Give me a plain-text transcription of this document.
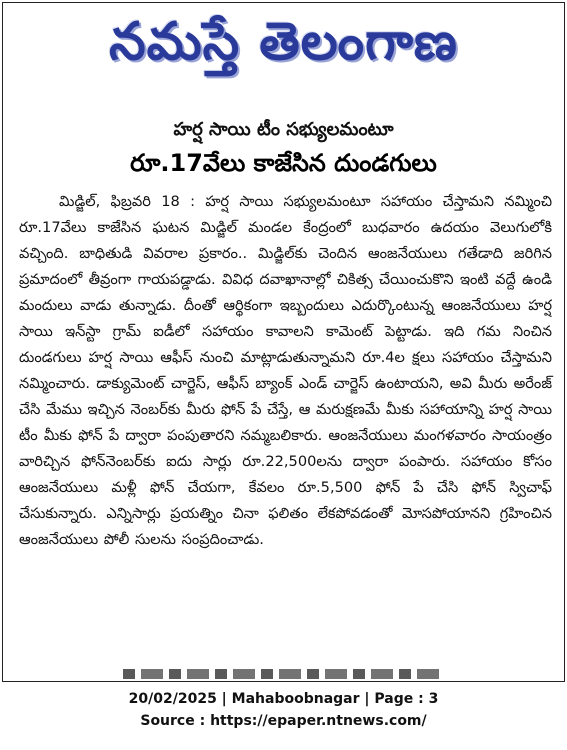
నమస్తే తెలంగాణ
హర్ష సాయి టీం సభ్యులమంటూ
రూ.17వేలు కాజేసిన దుండగులు

మిడ్జిల్, ఫిబ్రవరి 18 : హర్ష సాయి సభ్యులమంటూ సహాయం చేస్తామని నమ్మించి రూ.17వేలు కాజేసిన ఘటన మిడ్జిల్ మండల కేంద్రంలో బుధవారం ఉదయం వెలుగులోకి వచ్చింది. బాధితుడి వివరాల ప్రకారం.. మిడ్జిల్‌కు చెందిన ఆంజనేయులు గతేడాది జరిగిన ప్రమాదంలో తీవ్రంగా గాయపడ్డాడు. వివిధ దవాఖానాల్లో చికిత్స చేయించుకొని ఇంటి వద్దే ఉండి మందులు వాడు తున్నాడు. దీంతో ఆర్థికంగా ఇబ్బందులు ఎదుర్కొంటున్న ఆంజనేయులు హర్ష సాయి ఇన్‌స్టా గ్రామ్ ఐడీలో సహాయం కావాలని కామెంట్ పెట్టాడు. ఇది గమ నించిన దుండగులు హర్ష సాయి ఆఫీస్ నుంచి మాట్లాడుతున్నామని రూ.4ల క్షలు సహాయం చేస్తామని నమ్మించారు. డాక్యుమెంట్ చార్జెస్, ఆఫీస్ బ్యాంక్ ఎండ్ చార్జెస్ ఉంటాయని, అవి మీరు అరేంజ్ చేసి మేము ఇచ్చిన నెంబర్‌కు మీరు ఫోన్ పే చేస్తే, ఆ మరుక్షణమే మీకు సహాయాన్ని హర్ష సాయి టీం మీకు ఫోన్ పే ద్వారా పంపుతారని నమ్మబలికారు. ఆంజనేయులు మంగళవారం సాయంత్రం వారిచ్చిన ఫోన్‌నెంబర్‌కు ఐదు సార్లు రూ.22,500లను ద్వారా పంపారు. సహాయం కోసం ఆంజనేయులు మళ్లీ ఫోన్ చేయగా, కేవలం రూ.5,500 ఫోన్ పే చేసి ఫోన్ స్విచాఫ్ చేసుకున్నారు. ఎన్నిసార్లు ప్రయత్నిం చినా ఫలితం లేకపోవడంతో మోసపోయానని గ్రహించిన ఆంజనేయులు పోలీ సులను సంప్రదించాడు.

20/02/2025 | Mahaboobnagar | Page : 3
Source : https://epaper.ntnews.com/
